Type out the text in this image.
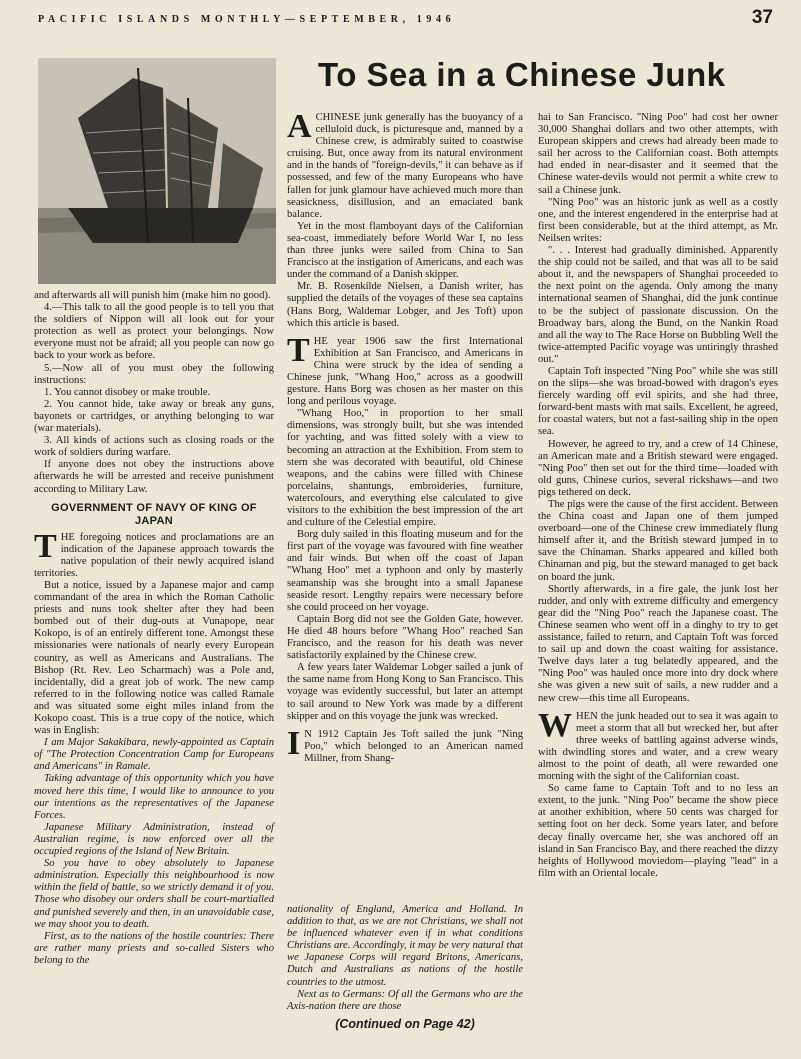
PACIFIC ISLANDS MONTHLY—SEPTEMBER, 1946	37
To Sea in a Chinese Junk

and afterwards all will punish him (make him no good).

4.—This talk to all the good people is to tell you that the soldiers of Nippon will all look out for your protection as well as protect your belongings. Now everyone must not be afraid; all you people can now go back to your work as before.

5.—Now all of you must obey the following instructions:

1. You cannot disobey or make trouble.

2. You cannot hide, take away or break any guns, bayonets or cartridges, or anything belonging to war (war materials).

3. All kinds of actions such as closing roads or the work of soldiers during warfare.

If anyone does not obey the instructions above afterwards he will be arrested and receive punishment according to Military Law.

GOVERNMENT OF NAVY OF KING OF JAPAN

THE foregoing notices and proclamations are an indication of the Japanese approach towards the native population of their newly acquired island territories.

But a notice, issued by a Japanese major and camp commandant of the area in which the Roman Catholic priests and nuns took shelter after they had been bombed out of their dug-outs at Vunapope, near Kokopo, is of an entirely different tone. Amongst these missionaries were nationals of nearly every European country, as well as Americans and Australians. The Bishop (Rt. Rev. Leo Scharmach) was a Pole and, incidentally, did a great job of work. The new camp referred to in the following notice was called Ramale and was situated some eight miles inland from the Kokopo coast. This is a true copy of the notice, which was in English:

I am Major Sakakibara, newly-appointed as Captain of "The Protection Concentration Camp for Europeans and Americans" in Ramale.

Taking advantage of this opportunity which you have moved here this time, I would like to announce to you our intentions as the representatives of the Japanese Forces.

Japanese Military Administration, instead of Australian regime, is now enforced over all the occupied regions of the Island of New Britain.

So you have to obey absolutely to Japanese administration. Especially this neighbourhood is now within the field of battle, so we strictly demand it of you. Those who disobey our orders shall be court-martialled and punished severely and then, in an unavoidable case, we may shoot you to death.

First, as to the nations of the hostile countries: There are rather many priests and so-called Sisters who belong to the

ACHINESE junk generally has the buoyancy of a celluloid duck, is picturesque and, manned by a Chinese crew, is admirably suited to coastwise cruising. But, once away from its natural environment and in the hands of "foreign-devils," it can behave as if possessed, and few of the many Europeans who have fallen for junk glamour have achieved much more than seasickness, disillusion, and an emaciated bank balance.

Yet in the most flamboyant days of the Californian sea-coast, immediately before World War I, no less than three junks were sailed from China to San Francisco at the instigation of Americans, and each was under the command of a Danish skipper.

Mr. B. Rosenkilde Nielsen, a Danish writer, has supplied the details of the voyages of these sea captains (Hans Borg, Waldemar Lobger, and Jes Toft) upon which this article is based.

THE year 1906 saw the first International Exhibition at San Francisco, and Americans in China were struck by the idea of sending a Chinese junk, "Whang Hoo," across as a goodwill gesture. Hans Borg was chosen as her master on this long and perilous voyage.

"Whang Hoo," in proportion to her small dimensions, was strongly built, but she was intended for yachting, and was fitted solely with a view to becoming an attraction at the Exhibition. From stem to stern she was decorated with beautiful, old Chinese weapons, and the cabins were filled with Chinese porcelains, shantungs, embroideries, furniture, watercolours, and everything else calculated to give visitors to the exhibition the best impression of the art and culture of the Celestial empire.

Borg duly sailed in this floating museum and for the first part of the voyage was favoured with fine weather and fair winds. But when off the coast of Japan "Whang Hoo" met a typhoon and only by masterly seamanship was she brought into a small Japanese seaside resort. Lengthy repairs were necessary before she could proceed on her voyage.

Captain Borg did not see the Golden Gate, however. He died 48 hours before "Whang Hoo" reached San Francisco, and the reason for his death was never satisfactorily explained by the Chinese crew.

A few years later Waldemar Lobger sailed a junk of the same name from Hong Kong to San Francisco. This voyage was evidently successful, but later an attempt to sail around to New York was made by a different skipper and on this voyage the junk was wrecked.

I N 1912 Captain Jes Toft sailed the junk "Ning Poo," which belonged to an American named Millner, from Shang-

nationality of England, America and Holland. In addition to that, as we are not Christians, we shall not be influenced whatever even if in what conditions Christians are. Accordingly, it may be very natural that we Japanese Corps will regard Britons, Americans, Dutch and Australians as nations of the hostile countries to the utmost.

Next as to Germans: Of all the Germans who are the Axis-nation there are those

(Continued on Page 42)

hai to San Francisco. "Ning Poo" had cost her owner 30,000 Shanghai dollars and two other attempts, with European skippers and crews had already been made to sail her across to the Californian coast. Both attempts had ended in near-disaster and it seemed that the Chinese water-devils would not permit a white crew to sail a Chinese junk.

"Ning Poo" was an historic junk as well as a costly one, and the interest engendered in the enterprise had at first been considerable, but at the third attempt, as Mr. Neilsen writes:

". . . Interest had gradually diminished. Apparently the ship could not be sailed, and that was all to be said about it, and the newspapers of Shanghai proceeded to the next point on the agenda. Only among the many international seamen of Shanghai, did the junk continue to be the subject of passionate discussion. On the Broadway bars, along the Bund, on the Nankin Road and all the way to The Race Horse on Bubbling Well the twice-attempted Pacific voyage was untiringly thrashed out."

Captain Toft inspected "Ning Poo" while she was still on the slips—she was broad-bowed with dragon's eyes fiercely warding off evil spirits, and she had three, forward-bent masts with mat sails. Excellent, he agreed, for coastal waters, but not a fast-sailing ship in the open sea.

However, he agreed to try, and a crew of 14 Chinese, an American mate and a British steward were engaged. "Ning Poo" then set out for the third time—loaded with old guns, Chinese curios, several rickshaws—and two pigs tethered on deck.

The pigs were the cause of the first accident. Between the China coast and Japan one of them jumped overboard—one of the Chinese crew immediately flung himself after it, and the British steward jumped in to save the Chinaman. Sharks appeared and killed both Chinaman and pig, but the steward managed to get back on board the junk.

Shortly afterwards, in a fire gale, the junk lost her rudder, and only with extreme difficulty and emergency gear did the "Ning Poo" reach the Japanese coast. The Chinese seamen who went off in a dinghy to try to get assistance, failed to return, and Captain Toft was forced to sail up and down the coast waiting for assistance. Twelve days later a tug belatedly appeared, and the "Ning Poo" was hauled once more into dry dock where she was given a new suit of sails, a new rudder and a new crew—this time all Europeans.

WHEN the junk headed out to sea it was again to meet a storm that all but wrecked her, but after three weeks of battling against adverse winds, with dwindling stores and water, and a crew weary almost to the point of death, all were rewarded one morning with the sight of the Californian coast.

So came fame to Captain Toft and to no less an extent, to the junk. "Ning Poo" became the show piece at another exhibition, where 50 cents was charged for setting foot on her deck. Some years later, and before decay finally overcame her, she was anchored off an island in San Francisco Bay, and there reached the dizzy heights of Hollywood moviedom—playing "lead" in a film with an Oriental locale.
